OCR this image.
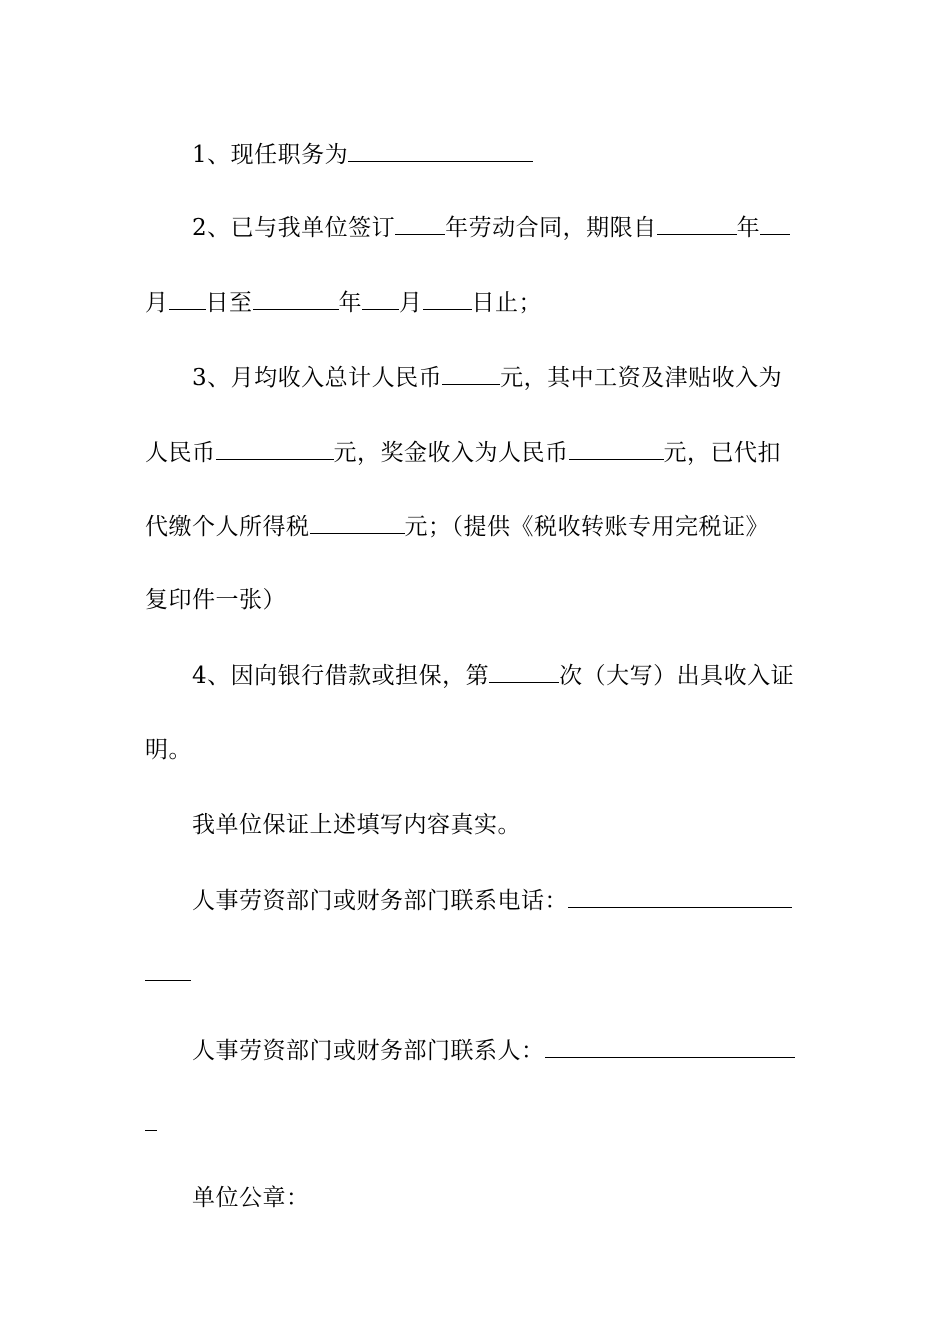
1、现任职务为
2、已与我单位签订 年劳动合同，期限自	年
月 日至	年 月 日止；
3、月均收入总计人民币	元，其中工资及津贴收入为
人民币	元，奖金收入为人民币	元，已代扣
代缴个人所得税	元；（提供《税收转账专用完税证》
复印件一张）
4、因向银行借款或担保，第	次（大写）出具收入证
明。
我单位保证上述填写内容真实。
人事劳资部门或财务部门联系电话：
人事劳资部门或财务部门联系人：
单位公章：
